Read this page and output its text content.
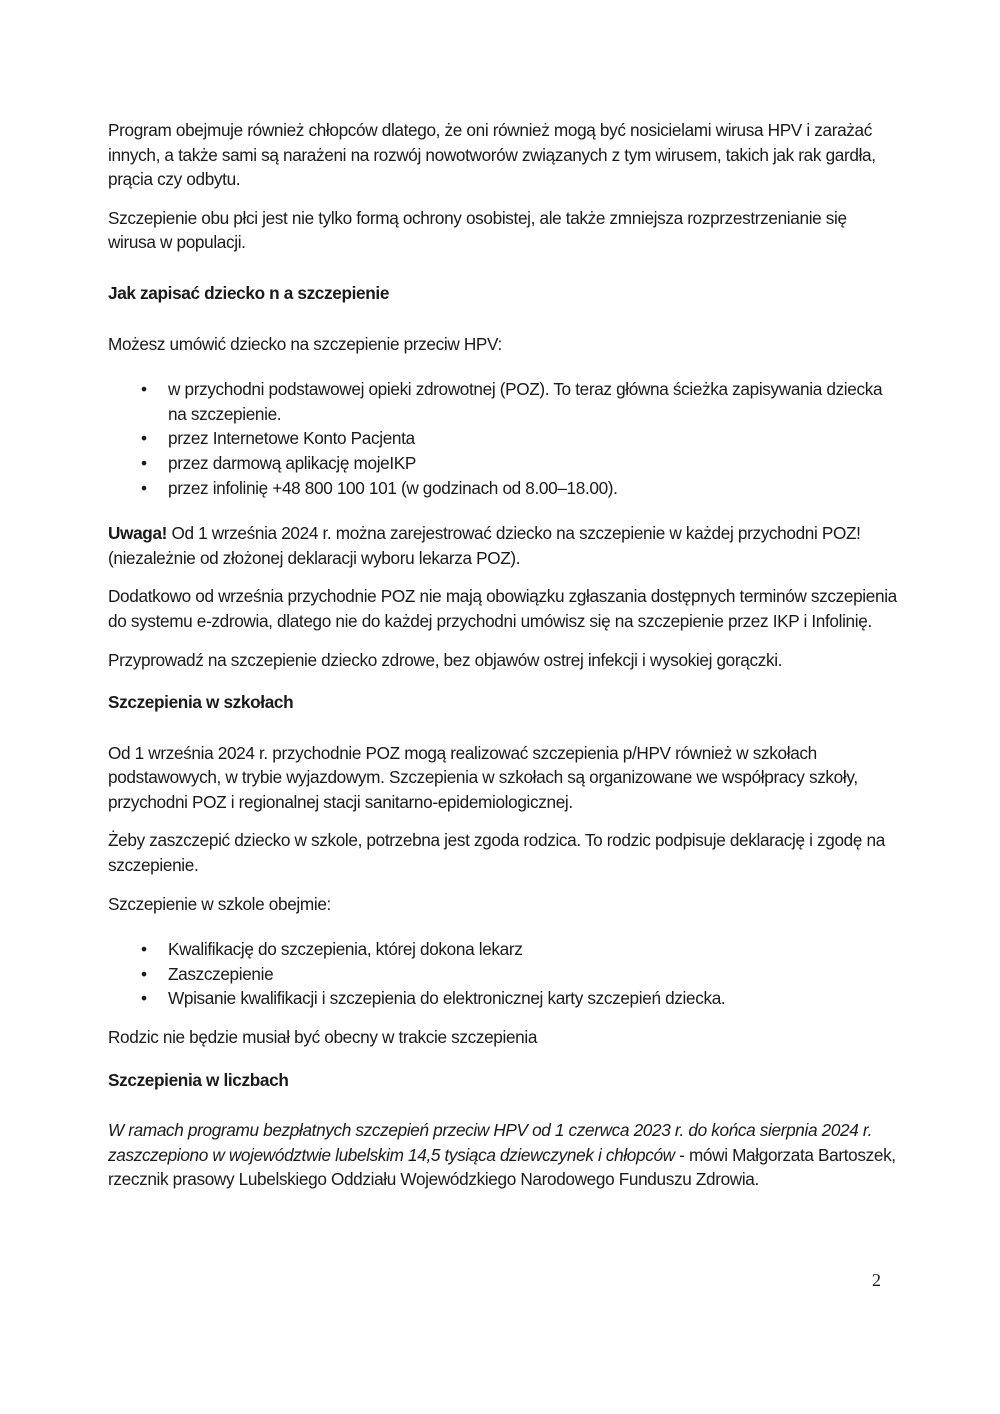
Program obejmuje również chłopców dlatego, że oni również mogą być nosicielami wirusa HPV i zarażać innych, a także sami są narażeni na rozwój nowotworów związanych z tym wirusem, takich jak rak gardła, prącia czy odbytu.

Szczepienie obu płci jest nie tylko formą ochrony osobistej, ale także zmniejsza rozprzestrzenianie się wirusa w populacji.

Jak zapisać dziecko n a szczepienie

Możesz umówić dziecko na szczepienie przeciw HPV:

• w przychodni podstawowej opieki zdrowotnej (POZ). To teraz główna ścieżka zapisywania dziecka na szczepienie.
• przez Internetowe Konto Pacjenta
• przez darmową aplikację mojeIKP
• przez infolinię +48 800 100 101 (w godzinach od 8.00–18.00).

Uwaga! Od 1 września 2024 r. można zarejestrować dziecko na szczepienie w każdej przychodni POZ! (niezależnie od złożonej deklaracji wyboru lekarza POZ).

Dodatkowo od września przychodnie POZ nie mają obowiązku zgłaszania dostępnych terminów szczepienia do systemu e-zdrowia, dlatego nie do każdej przychodni umówisz się na szczepienie przez IKP i Infolinię.

Przyprowadź na szczepienie dziecko zdrowe, bez objawów ostrej infekcji i wysokiej gorączki.

Szczepienia w szkołach

Od 1 września 2024 r. przychodnie POZ mogą realizować szczepienia p/HPV również w szkołach podstawowych, w trybie wyjazdowym. Szczepienia w szkołach są organizowane we współpracy szkoły, przychodni POZ i regionalnej stacji sanitarno-epidemiologicznej.

Żeby zaszczepić dziecko w szkole, potrzebna jest zgoda rodzica. To rodzic podpisuje deklarację i zgodę na szczepienie.

Szczepienie w szkole obejmie:

• Kwalifikację do szczepienia, której dokona lekarz
• Zaszczepienie
• Wpisanie kwalifikacji i szczepienia do elektronicznej karty szczepień dziecka.

Rodzic nie będzie musiał być obecny w trakcie szczepienia

Szczepienia w liczbach

W ramach programu bezpłatnych szczepień przeciw HPV od 1 czerwca 2023 r. do końca sierpnia 2024 r. zaszczepiono w województwie lubelskim 14,5 tysiąca dziewczynek i chłopców - mówi Małgorzata Bartoszek, rzecznik prasowy Lubelskiego Oddziału Wojewódzkiego Narodowego Funduszu Zdrowia.

2
